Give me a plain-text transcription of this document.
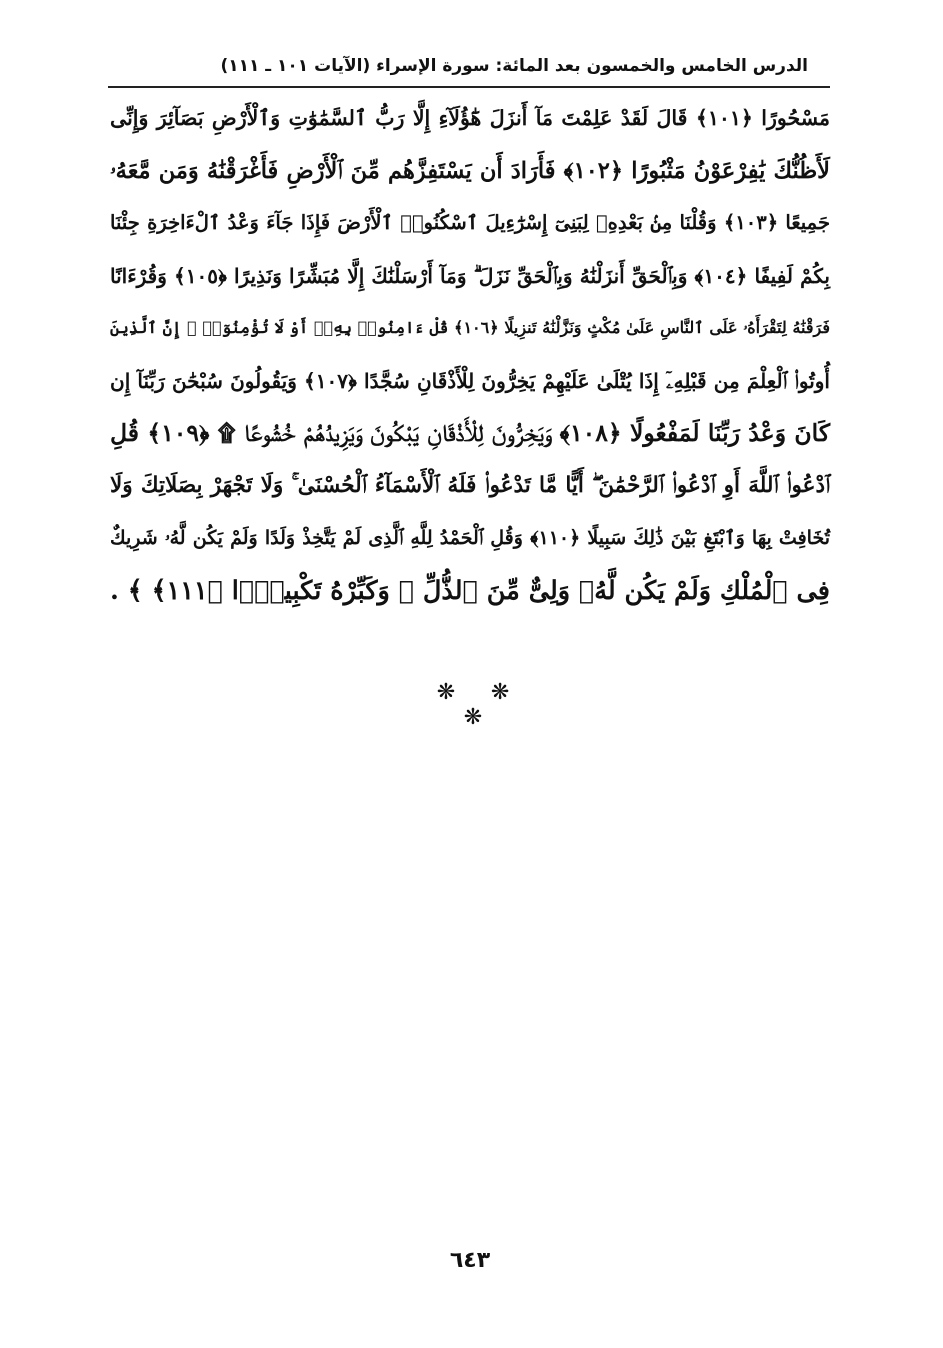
الدرس الخامس والخمسون بعد المائة: سورة الإسراء (الآيات ١٠١ ـ ١١١)
مَسْحُورًا ﴿١٠١﴾ قَالَ لَقَدْ عَلِمْتَ مَآ أَنزَلَ هَٰٓؤُلَآءِ إِلَّا رَبُّ ٱلسَّمَٰوَٰتِ وَٱلْأَرْضِ بَصَآئِرَ وَإِنِّى
لَأَظُنُّكَ يَٰفِرْعَوْنُ مَثْبُورًا ﴿١٠٢﴾ فَأَرَادَ أَن يَسْتَفِزَّهُم مِّنَ ٱلْأَرْضِ فَأَغْرَقْنَٰهُ وَمَن مَّعَهُۥ
جَمِيعًا ﴿١٠٣﴾ وَقُلْنَا مِنۢ بَعْدِهِۦ لِبَنِىٓ إِسْرَٰٓءِيلَ ٱسْكُنُوا۟ ٱلْأَرْضَ فَإِذَا جَآءَ وَعْدُ ٱلْءَاخِرَةِ جِئْنَا
بِكُمْ لَفِيفًا ﴿١٠٤﴾ وَبِٱلْحَقِّ أَنزَلْنَٰهُ وَبِٱلْحَقِّ نَزَلَ ۗ وَمَآ أَرْسَلْنَٰكَ إِلَّا مُبَشِّرًا وَنَذِيرًا ﴿١٠٥﴾ وَقُرْءَانًا
فَرَقْنَٰهُ لِتَقْرَأَهُۥ عَلَى ٱلنَّاسِ عَلَىٰ مُكْثٍ وَنَزَّلْنَٰهُ تَنزِيلًا ﴿١٠٦﴾ قُلْ ءَامِنُوا۟ بِهِۦٓ أَوْ لَا تُؤْمِنُوٓا۟ ۚ إِنَّ ٱلَّذِينَ
أُوتُوا۟ ٱلْعِلْمَ مِن قَبْلِهِۦٓ إِذَا يُتْلَىٰ عَلَيْهِمْ يَخِرُّونَ لِلْأَذْقَانِ سُجَّدًا ﴿١٠٧﴾ وَيَقُولُونَ سُبْحَٰنَ رَبِّنَآ إِن
كَانَ وَعْدُ رَبِّنَا لَمَفْعُولًا ﴿١٠٨﴾ وَيَخِرُّونَ لِلْأَذْقَانِ يَبْكُونَ وَيَزِيدُهُمْ خُشُوعًا ۩ ﴿١٠٩﴾ قُلِ
ٱدْعُوا۟ ٱللَّهَ أَوِ ٱدْعُوا۟ ٱلرَّحْمَٰنَ ۖ أَيًّا مَّا تَدْعُوا۟ فَلَهُ ٱلْأَسْمَآءُ ٱلْحُسْنَىٰ ۚ وَلَا تَجْهَرْ بِصَلَاتِكَ وَلَا
تُخَافِتْ بِهَا وَٱبْتَغِ بَيْنَ ذَٰلِكَ سَبِيلًا ﴿١١٠﴾ وَقُلِ ٱلْحَمْدُ لِلَّهِ ٱلَّذِى لَمْ يَتَّخِذْ وَلَدًا وَلَمْ يَكُن لَّهُۥ شَرِيكٌ
فِى ٱلْمُلْكِ وَلَمْ يَكُن لَّهُۥ وَلِىٌّ مِّنَ ٱلذُّلِّ ۖ وَكَبِّرْهُ تَكْبِيرًۢا ﴿١١١﴾ ﴾ .
❋ ❋ ❋
٦٤٣
